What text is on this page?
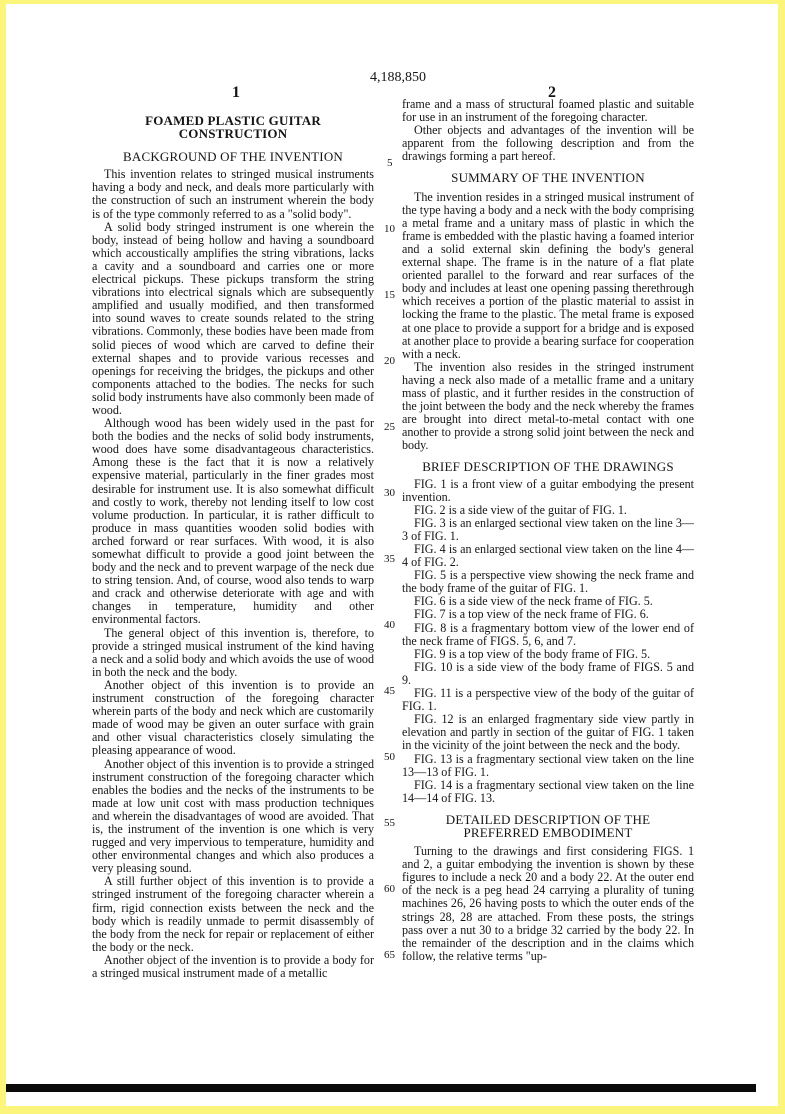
4,188,850
1	2
FOAMED PLASTIC GUITAR CONSTRUCTION
BACKGROUND OF THE INVENTION

This invention relates to stringed musical instruments having a body and neck, and deals more particularly with the construction of such an instrument wherein the body is of the type commonly referred to as a "solid body".

A solid body stringed instrument is one wherein the body, instead of being hollow and having a soundboard which accoustically amplifies the string vibrations, lacks a cavity and a soundboard and carries one or more electrical pickups. These pickups transform the string vibrations into electrical signals which are subsequently amplified and usually modified, and then transformed into sound waves to create sounds related to the string vibrations. Commonly, these bodies have been made from solid pieces of wood which are carved to define their external shapes and to provide various recesses and openings for receiving the bridges, the pickups and other components attached to the bodies. The necks for such solid body instruments have also commonly been made of wood.

Although wood has been widely used in the past for both the bodies and the necks of solid body instruments, wood does have some disadvantageous characteristics. Among these is the fact that it is now a relatively expensive material, particularly in the finer grades most desirable for instrument use. It is also somewhat difficult and costly to work, thereby not lending itself to low cost volume production. In particular, it is rather difficult to produce in mass quantities wooden solid bodies with arched forward or rear surfaces. With wood, it is also somewhat difficult to provide a good joint between the body and the neck and to prevent warpage of the neck due to string tension. And, of course, wood also tends to warp and crack and otherwise deteriorate with age and with changes in temperature, humidity and other environmental factors.

The general object of this invention is, therefore, to provide a stringed musical instrument of the kind having a neck and a solid body and which avoids the use of wood in both the neck and the body.

Another object of this invention is to provide an instrument construction of the foregoing character wherein parts of the body and neck which are customarily made of wood may be given an outer surface with grain and other visual characteristics closely simulating the pleasing appearance of wood.

Another object of this invention is to provide a stringed instrument construction of the foregoing character which enables the bodies and the necks of the instruments to be made at low unit cost with mass production techniques and wherein the disadvantages of wood are avoided. That is, the instrument of the invention is one which is very rugged and very impervious to temperature, humidity and other environmental changes and which also produces a very pleasing sound.

A still further object of this invention is to provide a stringed instrument of the foregoing character wherein a firm, rigid connection exists between the neck and the body which is readily unmade to permit disassembly of the body from the neck for repair or replacement of either the body or the neck.

Another object of the invention is to provide a body for a stringed musical instrument made of a metallic

5
10
15
20
25
30
35
40
45
50
55
60
65

frame and a mass of structural foamed plastic and suitable for use in an instrument of the foregoing character.

Other objects and advantages of the invention will be apparent from the following description and from the drawings forming a part hereof.

SUMMARY OF THE INVENTION

The invention resides in a stringed musical instrument of the type having a body and a neck with the body comprising a metal frame and a unitary mass of plastic in which the frame is embedded with the plastic having a foamed interior and a solid external skin defining the body's general external shape. The frame is in the nature of a flat plate oriented parallel to the forward and rear surfaces of the body and includes at least one opening passing therethrough which receives a portion of the plastic material to assist in locking the frame to the plastic. The metal frame is exposed at one place to provide a support for a bridge and is exposed at another place to provide a bearing surface for cooperation with a neck.

The invention also resides in the stringed instrument having a neck also made of a metallic frame and a unitary mass of plastic, and it further resides in the construction of the joint between the body and the neck whereby the frames are brought into direct metal-to-metal contact with one another to provide a strong solid joint between the neck and body.

BRIEF DESCRIPTION OF THE DRAWINGS

FIG. 1 is a front view of a guitar embodying the present invention.

FIG. 2 is a side view of the guitar of FIG. 1.

FIG. 3 is an enlarged sectional view taken on the line 3—3 of FIG. 1.

FIG. 4 is an enlarged sectional view taken on the line 4—4 of FIG. 2.

FIG. 5 is a perspective view showing the neck frame and the body frame of the guitar of FIG. 1.

FIG. 6 is a side view of the neck frame of FIG. 5.

FIG. 7 is a top view of the neck frame of FIG. 6.

FIG. 8 is a fragmentary bottom view of the lower end of the neck frame of FIGS. 5, 6, and 7.

FIG. 9 is a top view of the body frame of FIG. 5.

FIG. 10 is a side view of the body frame of FIGS. 5 and 9.

FIG. 11 is a perspective view of the body of the guitar of FIG. 1.

FIG. 12 is an enlarged fragmentary side view partly in elevation and partly in section of the guitar of FIG. 1 taken in the vicinity of the joint between the neck and the body.

FIG. 13 is a fragmentary sectional view taken on the line 13—13 of FIG. 1.

FIG. 14 is a fragmentary sectional view taken on the line 14—14 of FIG. 13.

DETAILED DESCRIPTION OF THE
PREFERRED EMBODIMENT

Turning to the drawings and first considering FIGS. 1 and 2, a guitar embodying the invention is shown by these figures to include a neck 20 and a body 22. At the outer end of the neck is a peg head 24 carrying a plurality of tuning machines 26, 26 having posts to which the outer ends of the strings 28, 28 are attached. From these posts, the strings pass over a nut 30 to a bridge 32 carried by the body 22. In the remainder of the description and in the claims which follow, the relative terms "up-
